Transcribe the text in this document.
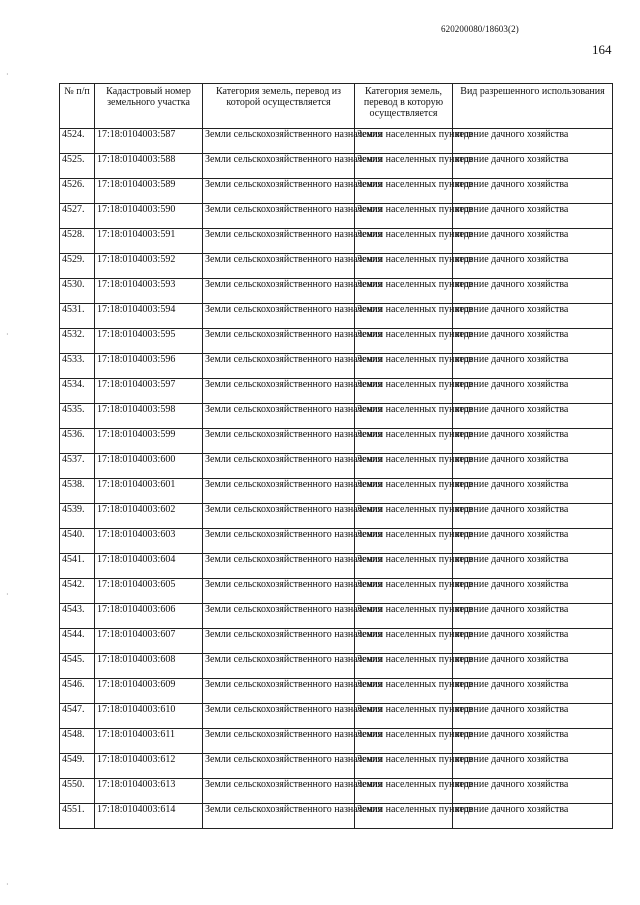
620200080/18603(2)
164
·
·
·
·
№ п/п	Кадастровый номер земельного участка	Категория земель, перевод из которой осуществляется	Категория земель, перевод в которую осуществляется	Вид разрешенного использования
4524.	17:18:0104003:587	Земли сельскохозяйственного назначения	Земли населенных пунктов	ведение дачного хозяйства
4525.	17:18:0104003:588	Земли сельскохозяйственного назначения	Земли населенных пунктов	ведение дачного хозяйства
4526.	17:18:0104003:589	Земли сельскохозяйственного назначения	Земли населенных пунктов	ведение дачного хозяйства
4527.	17:18:0104003:590	Земли сельскохозяйственного назначения	Земли населенных пунктов	ведение дачного хозяйства
4528.	17:18:0104003:591	Земли сельскохозяйственного назначения	Земли населенных пунктов	ведение дачного хозяйства
4529.	17:18:0104003:592	Земли сельскохозяйственного назначения	Земли населенных пунктов	ведение дачного хозяйства
4530.	17:18:0104003:593	Земли сельскохозяйственного назначения	Земли населенных пунктов	ведение дачного хозяйства
4531.	17:18:0104003:594	Земли сельскохозяйственного назначения	Земли населенных пунктов	ведение дачного хозяйства
4532.	17:18:0104003:595	Земли сельскохозяйственного назначения	Земли населенных пунктов	ведение дачного хозяйства
4533.	17:18:0104003:596	Земли сельскохозяйственного назначения	Земли населенных пунктов	ведение дачного хозяйства
4534.	17:18:0104003:597	Земли сельскохозяйственного назначения	Земли населенных пунктов	ведение дачного хозяйства
4535.	17:18:0104003:598	Земли сельскохозяйственного назначения	Земли населенных пунктов	ведение дачного хозяйства
4536.	17:18:0104003:599	Земли сельскохозяйственного назначения	Земли населенных пунктов	ведение дачного хозяйства
4537.	17:18:0104003:600	Земли сельскохозяйственного назначения	Земли населенных пунктов	ведение дачного хозяйства
4538.	17:18:0104003:601	Земли сельскохозяйственного назначения	Земли населенных пунктов	ведение дачного хозяйства
4539.	17:18:0104003:602	Земли сельскохозяйственного назначения	Земли населенных пунктов	ведение дачного хозяйства
4540.	17:18:0104003:603	Земли сельскохозяйственного назначения	Земли населенных пунктов	ведение дачного хозяйства
4541.	17:18:0104003:604	Земли сельскохозяйственного назначения	Земли населенных пунктов	ведение дачного хозяйства
4542.	17:18:0104003:605	Земли сельскохозяйственного назначения	Земли населенных пунктов	ведение дачного хозяйства
4543.	17:18:0104003:606	Земли сельскохозяйственного назначения	Земли населенных пунктов	ведение дачного хозяйства
4544.	17:18:0104003:607	Земли сельскохозяйственного назначения	Земли населенных пунктов	ведение дачного хозяйства
4545.	17:18:0104003:608	Земли сельскохозяйственного назначения	Земли населенных пунктов	ведение дачного хозяйства
4546.	17:18:0104003:609	Земли сельскохозяйственного назначения	Земли населенных пунктов	ведение дачного хозяйства
4547.	17:18:0104003:610	Земли сельскохозяйственного назначения	Земли населенных пунктов	ведение дачного хозяйства
4548.	17:18:0104003:611	Земли сельскохозяйственного назначения	Земли населенных пунктов	ведение дачного хозяйства
4549.	17:18:0104003:612	Земли сельскохозяйственного назначения	Земли населенных пунктов	ведение дачного хозяйства
4550.	17:18:0104003:613	Земли сельскохозяйственного назначения	Земли населенных пунктов	ведение дачного хозяйства
4551.	17:18:0104003:614	Земли сельскохозяйственного назначения	Земли населенных пунктов	ведение дачного хозяйства
